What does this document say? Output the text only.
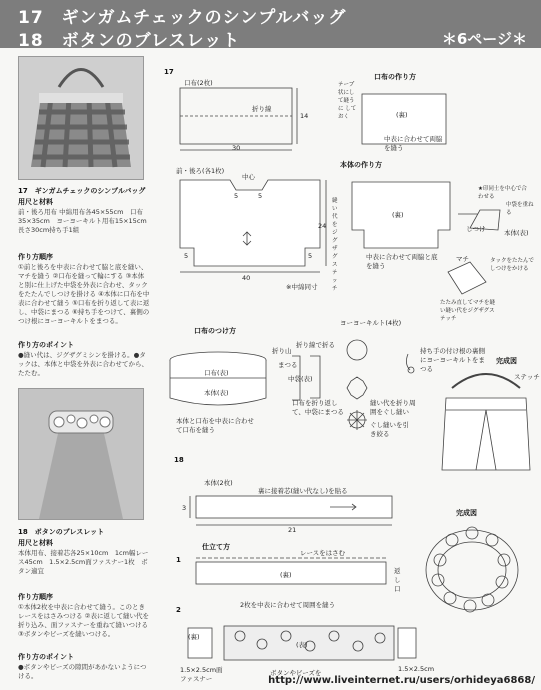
17　ギンガムチェックのシンプルバッグ
18　ボタンのブレスレット	＊6ページ＊
17　ギンガムチェックのシンプルバッグ
用尺と材料
前・後ろ用布 中綿用布各45×55cm　口布35×35cm　ヨーヨーキルト用布15×15cm　長さ30cm持ち手1組
作り方順序
①前と後ろを中表に合わせて脇と底を縫い、マチを縫う ②口布を縫って輪にする ③本体と別に仕上げた中袋を外表に合わせ、タックをたたんでしつけを掛ける ④本体に口布を中表に合わせて縫う ⑤口布を折り返して表に返し、中袋にまつる ⑥持ち手をつけて、裏側のつけ根にヨーヨーキルトをまつる。
作り方のポイント
●縫い代は、ジグザグミシンを掛ける。●タックは、本体と中袋を外表に合わせてから、たたむ。
18　ボタンのブレスレット
用尺と材料
本体用布、接着芯各25×10cm　1cm幅レース45cm　1.5×2.5cm面ファスナー1枚　ボタン適宜
作り方順序
①本体2枚を中表に合わせて縫う。このときレースをはさみつける ②表に返して縫い代を折り込み、面ファスナーを重ねて縫いつける ③ボタンやビーズを縫いつける。
作り方のポイント
●ボタンやビーズの隙間があかないようにつける。
17
口布(2枚)
折り線
14
30
口布の作り方
テープ状にして縫うに しておく	(裏)
中表に合わせて両脇を縫う
前・後ろ(各1枚)
中心
5	5
24
縫い代をジグザグステッチ
5	5
40
※中綿同寸
本体の作り方
(裏)
中表に合わせて両脇と底を縫う
★印同士を中心で合わせる
中袋を重ねる
しつけ	本体(表)
タックをたたんでしつけをかける
マチ
たたみ直してマチを縫い縫い代をジグザグステッチ
口布のつけ方
口布(表)
本体(表)
本体と口布を中表に合わせて口布を縫う
折り山
折り線で折る
まつる
中袋(表)
口布を折り返して、中袋にまつる
ヨーヨーキルト(4枚)
縫い代を折り周囲をぐし縫い
ぐし縫いを引き絞る
持ち手の付け根の裏側にヨーヨーキルトをまつる
完成図
ステッチ
18
本体(2枚)
裏に接着芯(縫い代なし)を貼る
3
21
完成図
仕立て方
1
レースをはさむ
(裏)	返し口
2枚を中表に合わせて周囲を縫う
2
(裏)
(表)
1.5×2.5cm面ファスナー
1.5×2.5cm
ボタンやビーズを
http://www.liveinternet.ru/users/orhideya6868/
